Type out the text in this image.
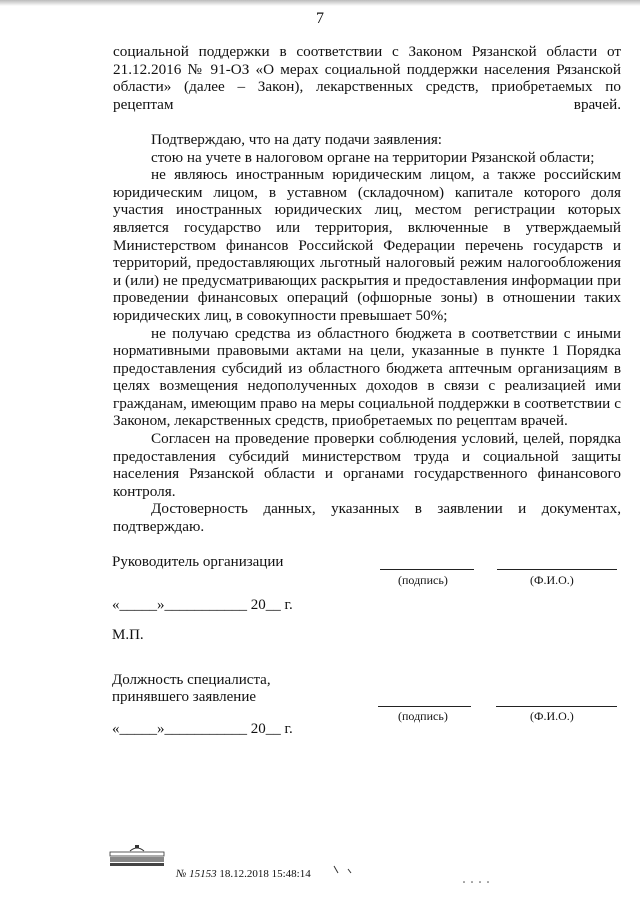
7

социальной поддержки в соответствии с Законом Рязанской области от 21.12.2016 № 91-ОЗ «О мерах социальной поддержки населения Рязанской области» (далее – Закон), лекарственных средств, приобретаемых по рецептам врачей.

Подтверждаю, что на дату подачи заявления:

стою на учете в налоговом органе на территории Рязанской области;

не являюсь иностранным юридическим лицом, а также российским юридическим лицом, в уставном (складочном) капитале которого доля участия иностранных юридических лиц, местом регистрации которых является государство или территория, включенные в утверждаемый Министерством финансов Российской Федерации перечень государств и территорий, предоставляющих льготный налоговый режим налогообложения и (или) не предусматривающих раскрытия и предоставления информации при проведении финансовых операций (офшорные зоны) в отношении таких юридических лиц, в совокупности превышает 50%;

не получаю средства из областного бюджета в соответствии с иными нормативными правовыми актами на цели, указанные в пункте 1 Порядка предоставления субсидий из областного бюджета аптечным организациям в целях возмещения недополученных доходов в связи с реализацией ими гражданам, имеющим право на меры социальной поддержки в соответствии с Законом, лекарственных средств, приобретаемых по рецептам врачей.

Согласен на проведение проверки соблюдения условий, целей, порядка предоставления субсидий министерством труда и социальной защиты населения Рязанской области и органами государственного финансового контроля.

Достоверность данных, указанных в заявлении и документах, подтверждаю.

Руководитель организации
(подпись)	(Ф.И.О.)
«_____»___________ 20__ г.
М.П.
Должность специалиста,
принявшего заявление
(подпись)	(Ф.И.О.)
«_____»___________ 20__ г.
№ 15153 18.12.2018 15:48:14
